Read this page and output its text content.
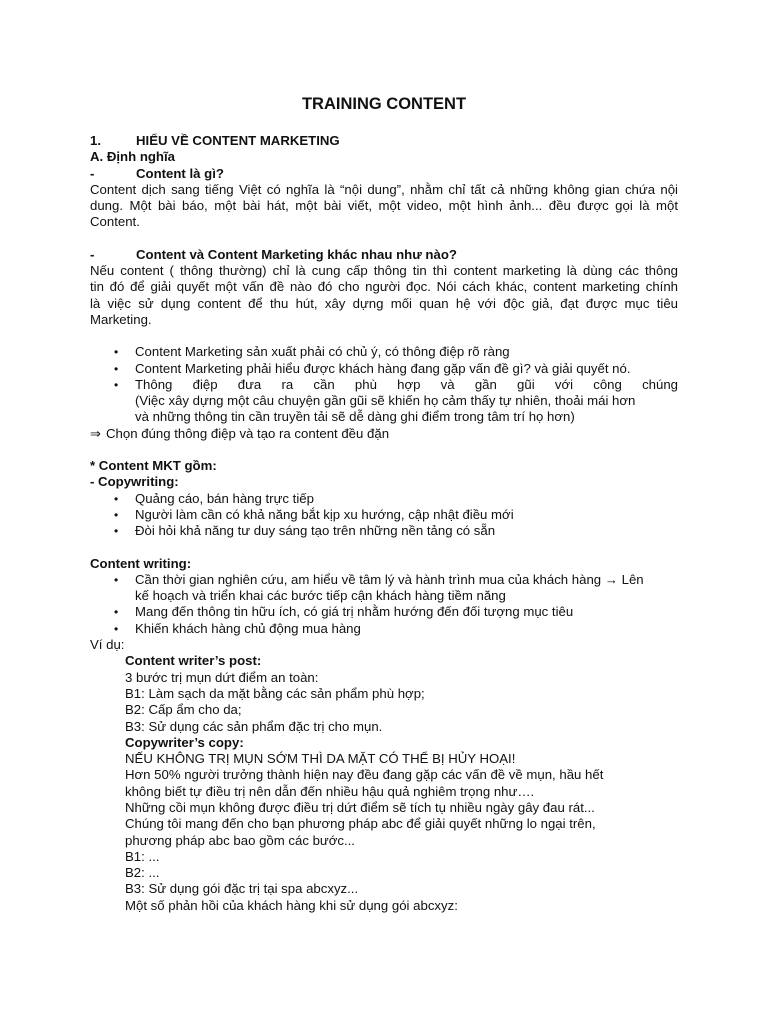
TRAINING CONTENT
1.	HIỂU VỀ CONTENT MARKETING

A. Định nghĩa

-	Content là gì?

Content dịch sang tiếng Việt có nghĩa là “nội dung”, nhằm chỉ tất cả những không gian chứa nội

dung. Một bài báo, một bài hát, một bài viết, một video, một hình ảnh... đều được gọi là một

Content.

-	Content và Content Marketing khác nhau như nào?

Nếu content ( thông thường) chỉ là cung cấp thông tin thì content marketing là dùng các thông

tin đó để giải quyết một vấn đề nào đó cho người đọc. Nói cách khác, content marketing chính

là việc sử dụng content để thu hút, xây dựng mối quan hệ với độc giả, đạt được mục tiêu

Marketing.

• Content Marketing sản xuất phải có chủ ý, có thông điệp rõ ràng
• Content Marketing phải hiểu được khách hàng đang gặp vấn đề gì? và giải quyết nó.
• Thông điệp đưa ra cần phù hợp và gần gũi với công chúng

(Việc xây dựng một câu chuyện gần gũi sẽ khiến họ cảm thấy tự nhiên, thoải mái hơn

và những thông tin cần truyền tải sẽ dễ dàng ghi điểm trong tâm trí họ hơn)

⇒ Chọn đúng thông điệp và tạo ra content đều đặn

* Content MKT gồm:

- Copywriting:

• Quảng cáo, bán hàng trực tiếp
• Người làm cần có khả năng bắt kịp xu hướng, cập nhật điều mới
• Đòi hỏi khả năng tư duy sáng tạo trên những nền tảng có sẵn

Content writing:

• Cần thời gian nghiên cứu, am hiểu về tâm lý và hành trình mua của khách hàng → Lên

kế hoạch và triển khai các bước tiếp cận khách hàng tiềm năng

• Mang đến thông tin hữu ích, có giá trị nhằm hướng đến đối tượng mục tiêu
• Khiến khách hàng chủ động mua hàng

Ví dụ:

Content writer’s post:

3 bước trị mụn dứt điểm an toàn:

B1: Làm sạch da mặt bằng các sản phẩm phù hợp;

B2: Cấp ẩm cho da;

B3: Sử dụng các sản phẩm đặc trị cho mụn.

Copywriter’s copy:

NẾU KHÔNG TRỊ MỤN SỚM THÌ DA MẶT CÓ THỂ BỊ HỦY HOẠI!

Hơn 50% người trưởng thành hiện nay đều đang gặp các vấn đề về mụn, hầu hết

không biết tự điều trị nên dẫn đến nhiều hậu quả nghiêm trọng như….

Những cồi mụn không được điều trị dứt điểm sẽ tích tụ nhiều ngày gây đau rát...

Chúng tôi mang đến cho bạn phương pháp abc để giải quyết những lo ngại trên,

phương pháp abc bao gồm các bước...

B1: ...

B2: ...

B3: Sử dụng gói đặc trị tại spa abcxyz...

Một số phản hồi của khách hàng khi sử dụng gói abcxyz:
